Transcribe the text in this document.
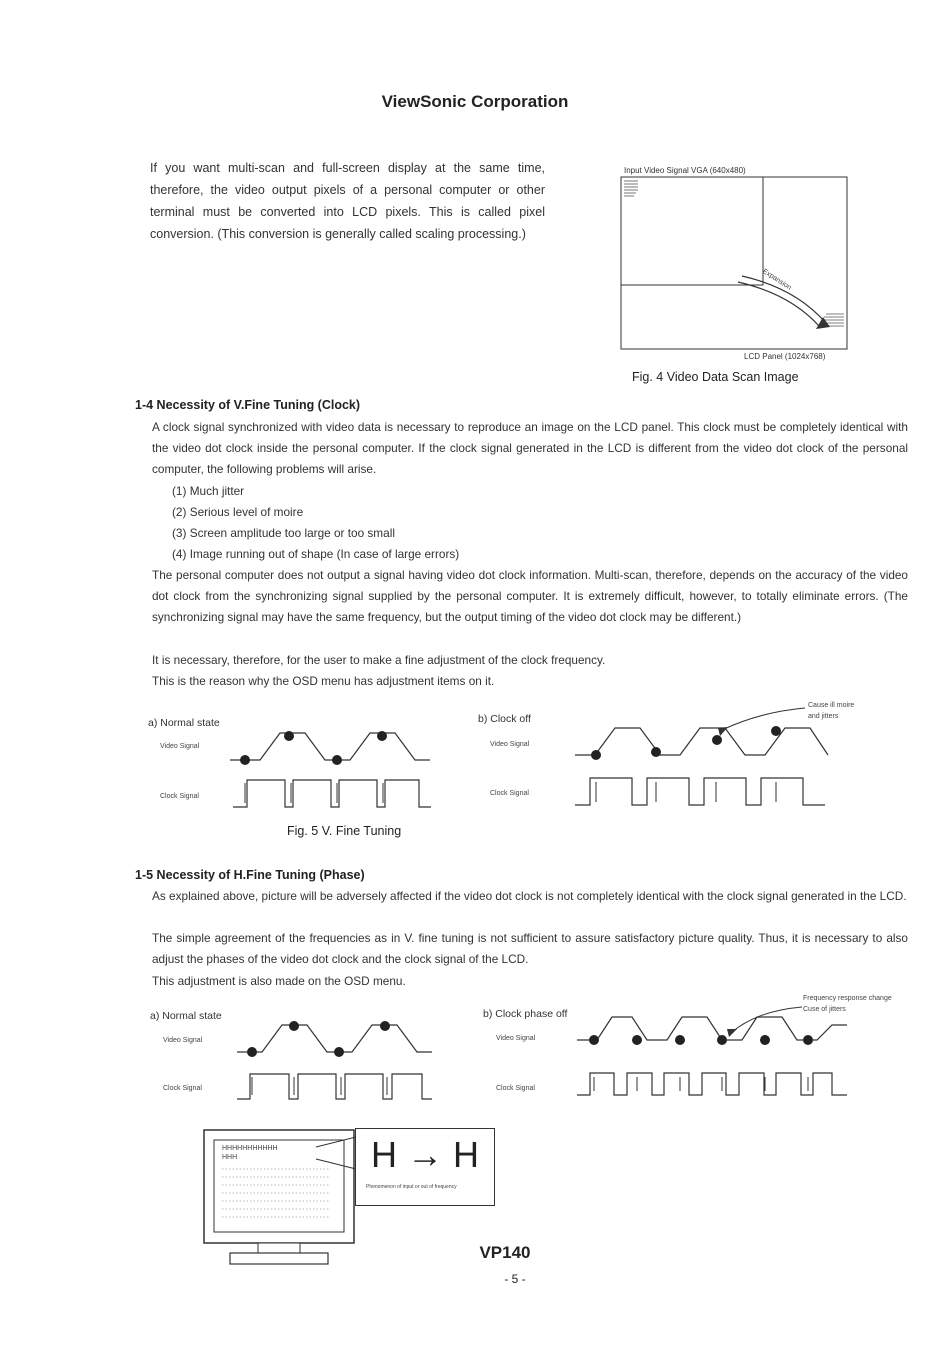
ViewSonic Corporation
If you want multi-scan and full-screen display at the same time, therefore, the video output pixels of a personal computer or other terminal must be converted into LCD pixels. This is called pixel conversion. (This conversion is generally called scaling processing.)
Input Video Signal VGA (640x480)
Expansion
LCD Panel (1024x768)
Fig. 4 Video Data Scan Image
1-4 Necessity of V.Fine Tuning (Clock)
A clock signal synchronized with video data is necessary to reproduce an image on the LCD panel. This clock must be completely identical with the video dot clock inside the personal computer. If the clock signal generated in the LCD is different from the video dot clock of the personal computer, the following problems will arise.
(1) Much jitter
(2) Serious level of moire
(3) Screen amplitude too large or too small
(4) Image running out of shape (In case of large errors)
The personal computer does not output a signal having video dot clock information. Multi-scan, therefore, depends on the accuracy of the video dot clock from the synchronizing signal supplied by the personal computer. It is extremely difficult, however, to totally eliminate errors. (The synchronizing signal may have the same frequency, but the output timing of the video dot clock may be different.)
It is necessary, therefore, for the user to make a fine adjustment of the clock frequency.
This is the reason why the OSD menu has adjustment items on it.
a) Normal state
Video Signal
Clock Signal
b) Clock off
Video Signal
Clock Signal
Cause ill moire
and jitters
Fig. 5 V. Fine Tuning
1-5 Necessity of H.Fine Tuning (Phase)
As explained above, picture will be adversely affected if the video dot clock is not completely identical with the clock signal generated in the LCD.
The simple agreement of the frequencies as in V. fine tuning is not sufficient to assure satisfactory picture quality. Thus, it is necessary to also adjust the phases of the video dot clock and the clock signal of the LCD.
This adjustment is also made on the OSD menu.
a) Normal state
Video Signal
Clock Signal
b) Clock phase off
Video Signal
Clock Signal
Frequency response change
Cuse of jitters
HHHHHHHHHHH
HHH	H → H
Phenomenon of input or out of frequency
VP140
- 5 -
